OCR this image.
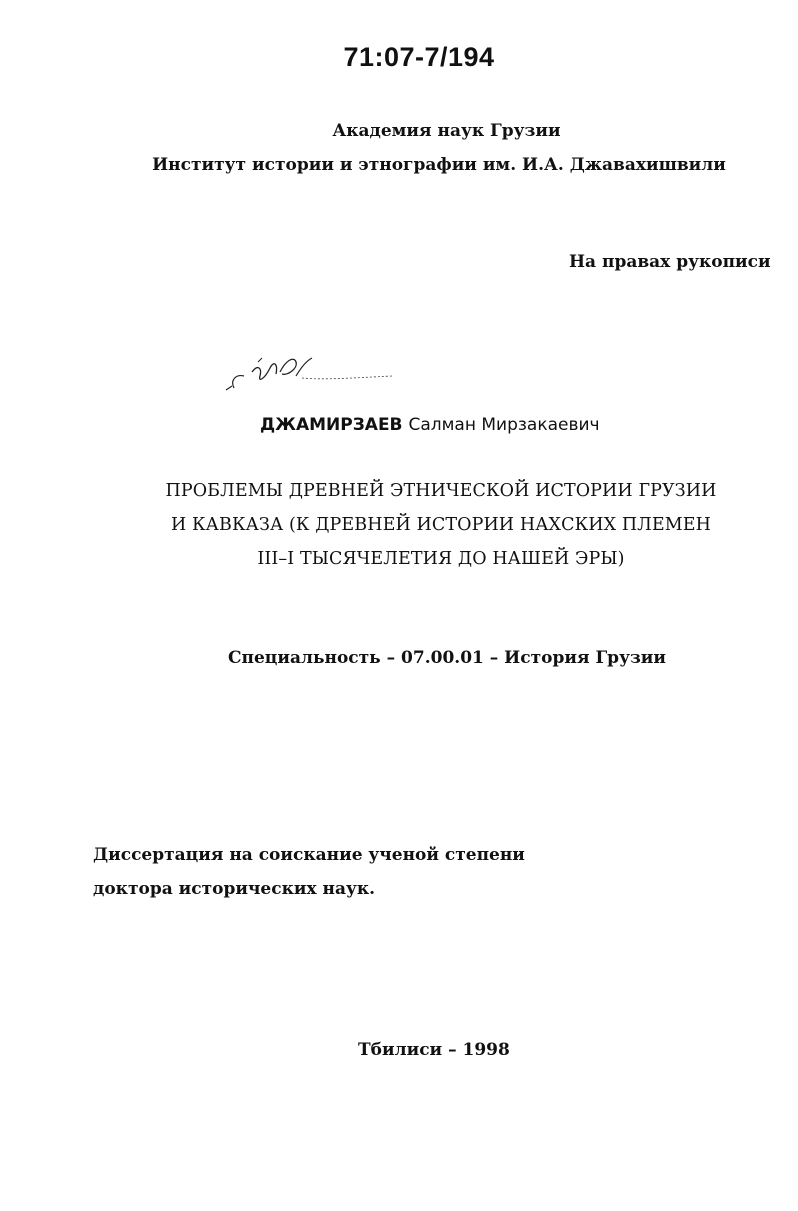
71:07-7/194
Академия наук Грузии
Институт истории и этнографии им. И.А. Джавахишвили
На правах рукописи
ДЖАМИРЗАЕВ Салман Мирзакаевич
ПРОБЛЕМЫ ДРЕВНЕЙ ЭТНИЧЕСКОЙ ИСТОРИИ ГРУЗИИ
И КАВКАЗА (К ДРЕВНЕЙ ИСТОРИИ НАХСКИХ ПЛЕМЕН
III–I ТЫСЯЧЕЛЕТИЯ ДО НАШЕЙ ЭРЫ)
Специальность – 07.00.01 – История Грузии
Диссертация на соискание ученой степени
доктора исторических наук.
Тбилиси – 1998
